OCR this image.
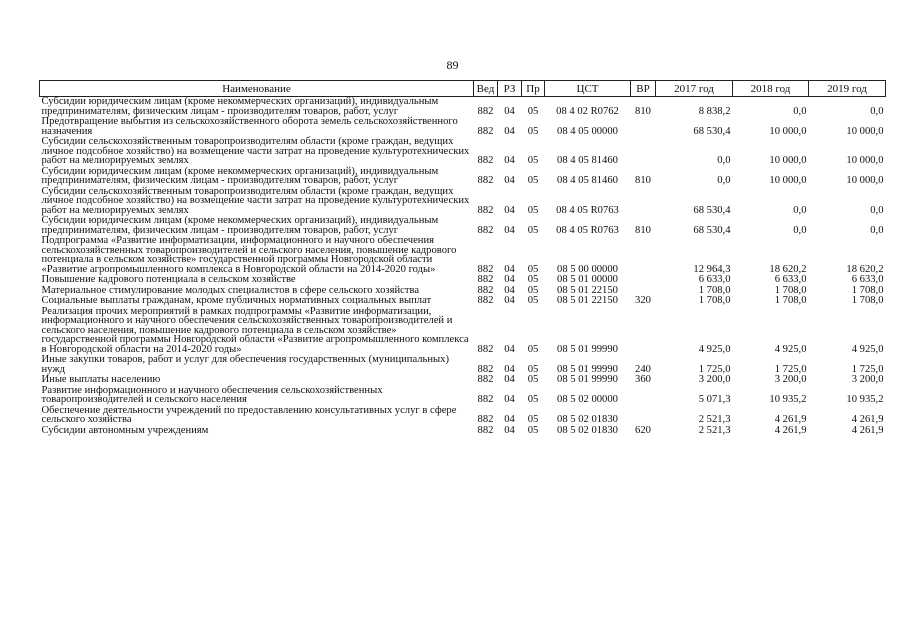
89
Наименование	Вед	РЗ	Пр	ЦСТ	ВР	2017 год	2018 год	2019 год
Субсидии юридическим лицам (кроме некоммерческих организаций), индивидуальным предпринимателям, физическим лицам - производителям товаров, работ, услуг	882	04	05	08 4 02 R0762	810	8 838,2	0,0	0,0
Предотвращение выбытия из сельскохозяйственного оборота земель сельскохозяйственного назначения	882	04	05	08 4 05 00000		68 530,4	10 000,0	10 000,0
Субсидии сельскохозяйственным товаропроизводителям области (кроме граждан, ведущих личное подсобное хозяйство) на возмещение части затрат на проведение культуротехнических работ на мелиорируемых землях	882	04	05	08 4 05 81460		0,0	10 000,0	10 000,0
Субсидии юридическим лицам (кроме некоммерческих организаций), индивидуальным предпринимателям, физическим лицам - производителям товаров, работ, услуг	882	04	05	08 4 05 81460	810	0,0	10 000,0	10 000,0
Субсидии сельскохозяйственным товаропроизводителям области (кроме граждан, ведущих личное подсобное хозяйство) на возмещение части затрат на проведение культуротехнических работ на мелиорируемых землях	882	04	05	08 4 05 R0763		68 530,4	0,0	0,0
Субсидии юридическим лицам (кроме некоммерческих организаций), индивидуальным предпринимателям, физическим лицам - производителям товаров, работ, услуг	882	04	05	08 4 05 R0763	810	68 530,4	0,0	0,0
Подпрограмма «Развитие информатизации, информационного и научного обеспечения сельскохозяйственных товаропроизводителей и сельского населения, повышение кадрового потенциала в сельском хозяйстве» государственной программы Новгородской области «Развитие агропромышленного комплекса в Новгородской области на 2014-2020 годы»	882	04	05	08 5 00 00000		12 964,3	18 620,2	18 620,2
Повышение кадрового потенциала в сельском хозяйстве	882	04	05	08 5 01 00000		6 633,0	6 633,0	6 633,0
Материальное стимулирование молодых специалистов в сфере сельского хозяйства	882	04	05	08 5 01 22150		1 708,0	1 708,0	1 708,0
Социальные выплаты гражданам, кроме публичных нормативных социальных выплат	882	04	05	08 5 01 22150	320	1 708,0	1 708,0	1 708,0
Реализация прочих мероприятий в рамках подпрограммы «Развитие информатизации, информационного и научного обеспечения сельскохозяйственных товаропроизводителей и сельского населения, повышение кадрового потенциала в сельском хозяйстве» государственной программы Новгородской области «Развитие агропромышленного комплекса в Новгородской области на 2014-2020 годы»	882	04	05	08 5 01 99990		4 925,0	4 925,0	4 925,0
Иные закупки товаров, работ и услуг для обеспечения государственных (муниципальных) нужд	882	04	05	08 5 01 99990	240	1 725,0	1 725,0	1 725,0
Иные выплаты населению	882	04	05	08 5 01 99990	360	3 200,0	3 200,0	3 200,0
Развитие информационного и научного обеспечения сельскохозяйственных товаропроизводителей и сельского населения	882	04	05	08 5 02 00000		5 071,3	10 935,2	10 935,2
Обеспечение деятельности учреждений по предоставлению консультативных услуг в сфере сельского хозяйства	882	04	05	08 5 02 01830		2 521,3	4 261,9	4 261,9
Субсидии автономным учреждениям	882	04	05	08 5 02 01830	620	2 521,3	4 261,9	4 261,9
